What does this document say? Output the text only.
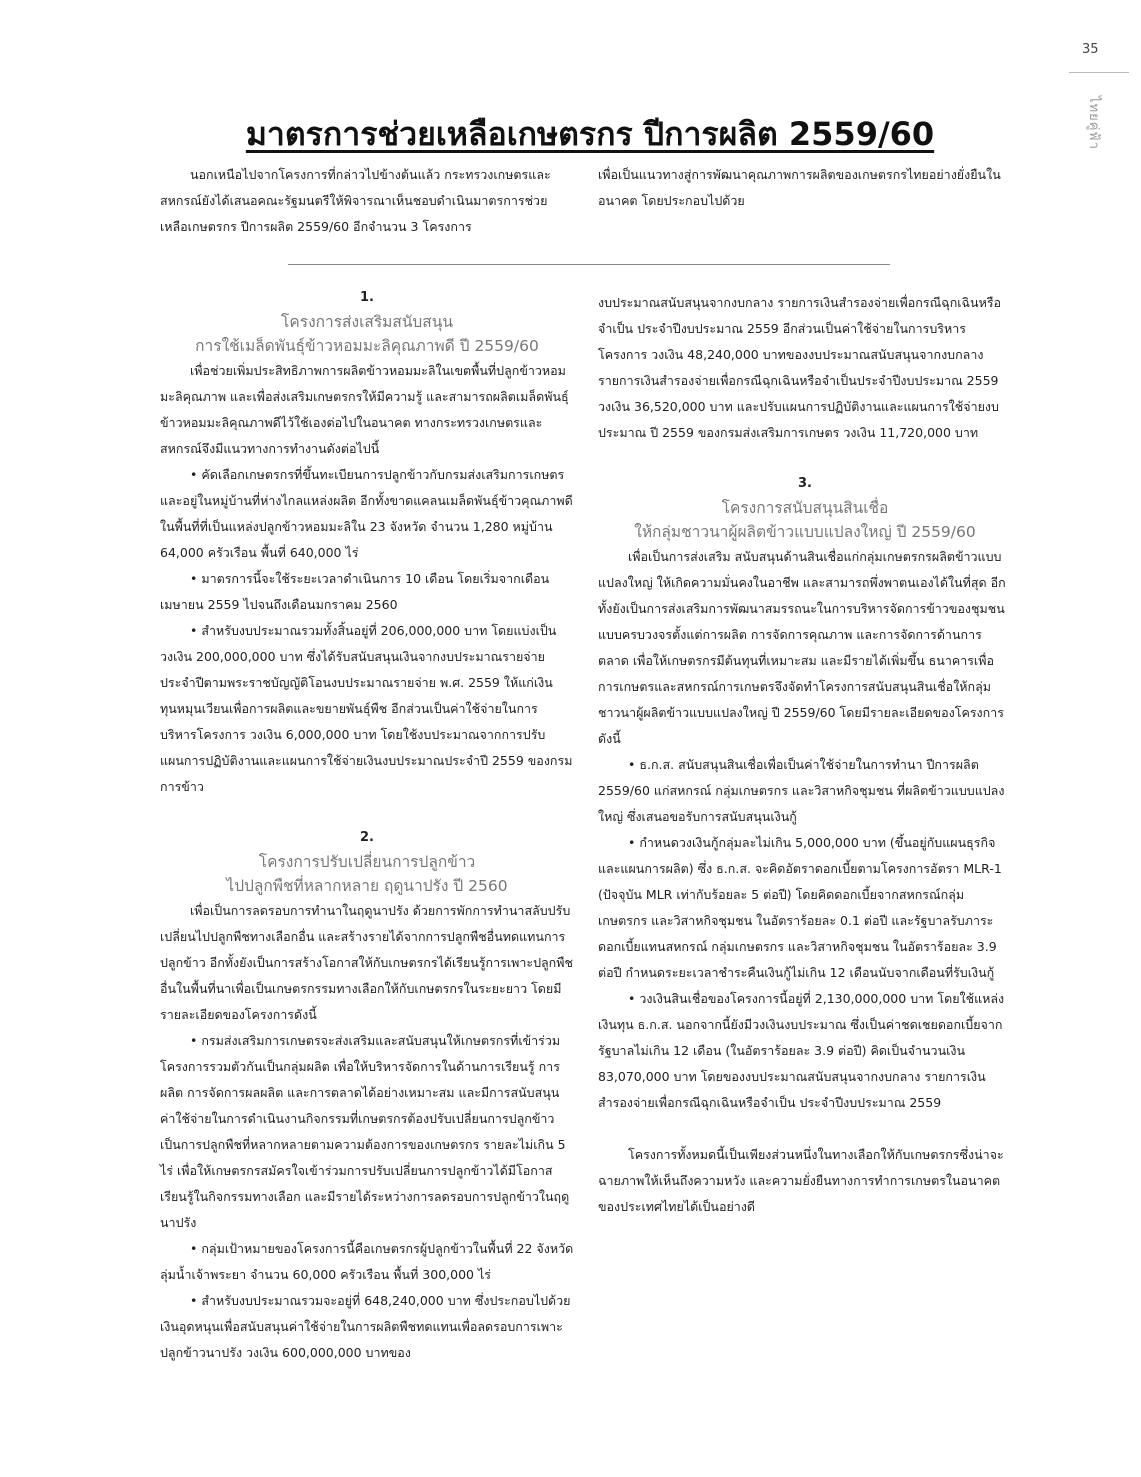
35
ไทยคู่ฟ้า
มาตรการช่วยเหลือเกษตรกร ปีการผลิต 2559/60

นอกเหนือไปจากโครงการที่กล่าวไปข้างต้นแล้ว กระทรวงเกษตรและสหกรณ์ยังได้เสนอคณะรัฐมนตรีให้พิจารณาเห็นชอบดำเนินมาตรการช่วยเหลือเกษตรกร ปีการผลิต 2559/60 อีกจำนวน 3 โครงการ

เพื่อเป็นแนวทางสู่การพัฒนาคุณภาพการผลิตของเกษตรกรไทยอย่างยั่งยืนในอนาคต โดยประกอบไปด้วย

1.
โครงการส่งเสริมสนับสนุน
การใช้เมล็ดพันธุ์ข้าวหอมมะลิคุณภาพดี ปี 2559/60

เพื่อช่วยเพิ่มประสิทธิภาพการผลิตข้าวหอมมะลิในเขตพื้นที่ปลูกข้าวหอมมะลิคุณภาพ และเพื่อส่งเสริมเกษตรกรให้มีความรู้ และสามารถผลิตเมล็ดพันธุ์ข้าวหอมมะลิคุณภาพดีไว้ใช้เองต่อไปในอนาคต ทางกระทรวงเกษตรและสหกรณ์จึงมีแนวทางการทำงานดังต่อไปนี้

• คัดเลือกเกษตรกรที่ขึ้นทะเบียนการปลูกข้าวกับกรมส่งเสริมการเกษตร และอยู่ในหมู่บ้านที่ห่างไกลแหล่งผลิต อีกทั้งขาดแคลนเมล็ดพันธุ์ข้าวคุณภาพดี ในพื้นที่ที่เป็นแหล่งปลูกข้าวหอมมะลิใน 23 จังหวัด จำนวน 1,280 หมู่บ้าน 64,000 ครัวเรือน พื้นที่ 640,000 ไร่

• มาตรการนี้จะใช้ระยะเวลาดำเนินการ 10 เดือน โดยเริ่มจากเดือนเมษายน 2559 ไปจนถึงเดือนมกราคม 2560

• สำหรับงบประมาณรวมทั้งสิ้นอยู่ที่ 206,000,000 บาท โดยแบ่งเป็นวงเงิน 200,000,000 บาท ซึ่งได้รับสนับสนุนเงินจากงบประมาณรายจ่ายประจำปีตามพระราชบัญญัติโอนงบประมาณรายจ่าย พ.ศ. 2559 ให้แก่เงินทุนหมุนเวียนเพื่อการผลิตและขยายพันธุ์พืช อีกส่วนเป็นค่าใช้จ่ายในการบริหารโครงการ วงเงิน 6,000,000 บาท โดยใช้งบประมาณจากการปรับแผนการปฏิบัติงานและแผนการใช้จ่ายเงินงบประมาณประจำปี 2559 ของกรมการข้าว

2.
โครงการปรับเปลี่ยนการปลูกข้าว
ไปปลูกพืชที่หลากหลาย ฤดูนาปรัง ปี 2560

เพื่อเป็นการลดรอบการทำนาในฤดูนาปรัง ด้วยการพักการทำนาสลับปรับเปลี่ยนไปปลูกพืชทางเลือกอื่น และสร้างรายได้จากการปลูกพืชอื่นทดแทนการปลูกข้าว อีกทั้งยังเป็นการสร้างโอกาสให้กับเกษตรกรได้เรียนรู้การเพาะปลูกพืชอื่นในพื้นที่นาเพื่อเป็นเกษตรกรรมทางเลือกให้กับเกษตรกรในระยะยาว โดยมีรายละเอียดของโครงการดังนี้

• กรมส่งเสริมการเกษตรจะส่งเสริมและสนับสนุนให้เกษตรกรที่เข้าร่วมโครงการรวมตัวกันเป็นกลุ่มผลิต เพื่อให้บริหารจัดการในด้านการเรียนรู้ การผลิต การจัดการผลผลิต และการตลาดได้อย่างเหมาะสม และมีการสนับสนุนค่าใช้จ่ายในการดำเนินงานกิจกรรมที่เกษตรกรต้องปรับเปลี่ยนการปลูกข้าวเป็นการปลูกพืชที่หลากหลายตามความต้องการของเกษตรกร รายละไม่เกิน 5 ไร่ เพื่อให้เกษตรกรสมัครใจเข้าร่วมการปรับเปลี่ยนการปลูกข้าวได้มีโอกาสเรียนรู้ในกิจกรรมทางเลือก และมีรายได้ระหว่างการลดรอบการปลูกข้าวในฤดูนาปรัง

• กลุ่มเป้าหมายของโครงการนี้คือเกษตรกรผู้ปลูกข้าวในพื้นที่ 22 จังหวัดลุ่มน้ำเจ้าพระยา จำนวน 60,000 ครัวเรือน พื้นที่ 300,000 ไร่

• สำหรับงบประมาณรวมจะอยู่ที่ 648,240,000 บาท ซึ่งประกอบไปด้วย เงินอุดหนุนเพื่อสนับสนุนค่าใช้จ่ายในการผลิตพืชทดแทนเพื่อลดรอบการเพาะปลูกข้าวนาปรัง วงเงิน 600,000,000 บาทของ

งบประมาณสนับสนุนจากงบกลาง รายการเงินสำรองจ่ายเพื่อกรณีฉุกเฉินหรือจำเป็น ประจำปีงบประมาณ 2559 อีกส่วนเป็นค่าใช้จ่ายในการบริหารโครงการ วงเงิน 48,240,000 บาทของงบประมาณสนับสนุนจากงบกลาง รายการเงินสำรองจ่ายเพื่อกรณีฉุกเฉินหรือจำเป็นประจำปีงบประมาณ 2559 วงเงิน 36,520,000 บาท และปรับแผนการปฏิบัติงานและแผนการใช้จ่ายงบประมาณ ปี 2559 ของกรมส่งเสริมการเกษตร วงเงิน 11,720,000 บาท

3.
โครงการสนับสนุนสินเชื่อ
ให้กลุ่มชาวนาผู้ผลิตข้าวแบบแปลงใหญ่ ปี 2559/60

เพื่อเป็นการส่งเสริม สนับสนุนด้านสินเชื่อแก่กลุ่มเกษตรกรผลิตข้าวแบบแปลงใหญ่ ให้เกิดความมั่นคงในอาชีพ และสามารถพึ่งพาตนเองได้ในที่สุด อีกทั้งยังเป็นการส่งเสริมการพัฒนาสมรรถนะในการบริหารจัดการข้าวของชุมชนแบบครบวงจรตั้งแต่การผลิต การจัดการคุณภาพ และการจัดการด้านการตลาด เพื่อให้เกษตรกรมีต้นทุนที่เหมาะสม และมีรายได้เพิ่มขึ้น ธนาคารเพื่อการเกษตรและสหกรณ์การเกษตรจึงจัดทำโครงการสนับสนุนสินเชื่อให้กลุ่มชาวนาผู้ผลิตข้าวแบบแปลงใหญ่ ปี 2559/60 โดยมีรายละเอียดของโครงการดังนี้

• ธ.ก.ส. สนับสนุนสินเชื่อเพื่อเป็นค่าใช้จ่ายในการทำนา ปีการผลิต 2559/60 แก่สหกรณ์ กลุ่มเกษตรกร และวิสาหกิจชุมชน ที่ผลิตข้าวแบบแปลงใหญ่ ซึ่งเสนอขอรับการสนับสนุนเงินกู้

• กำหนดวงเงินกู้กลุ่มละไม่เกิน 5,000,000 บาท (ขึ้นอยู่กับแผนธุรกิจและแผนการผลิต) ซึ่ง ธ.ก.ส. จะคิดอัตราดอกเบี้ยตามโครงการอัตรา MLR-1 (ปัจจุบัน MLR เท่ากับร้อยละ 5 ต่อปี) โดยคิดดอกเบี้ยจากสหกรณ์กลุ่มเกษตรกร และวิสาหกิจชุมชน ในอัตราร้อยละ 0.1 ต่อปี และรัฐบาลรับภาระดอกเบี้ยแทนสหกรณ์ กลุ่มเกษตรกร และวิสาหกิจชุมชน ในอัตราร้อยละ 3.9 ต่อปี กำหนดระยะเวลาชำระคืนเงินกู้ไม่เกิน 12 เดือนนับจากเดือนที่รับเงินกู้

• วงเงินสินเชื่อของโครงการนี้อยู่ที่ 2,130,000,000 บาท โดยใช้แหล่งเงินทุน ธ.ก.ส. นอกจากนี้ยังมีวงเงินงบประมาณ ซึ่งเป็นค่าชดเชยดอกเบี้ยจากรัฐบาลไม่เกิน 12 เดือน (ในอัตราร้อยละ 3.9 ต่อปี) คิดเป็นจำนวนเงิน 83,070,000 บาท โดยของงบประมาณสนับสนุนจากงบกลาง รายการเงินสำรองจ่ายเพื่อกรณีฉุกเฉินหรือจำเป็น ประจำปีงบประมาณ 2559

โครงการทั้งหมดนี้เป็นเพียงส่วนหนึ่งในทางเลือกให้กับเกษตรกรซึ่งน่าจะฉายภาพให้เห็นถึงความหวัง และความยั่งยืนทางการทำการเกษตรในอนาคตของประเทศไทยได้เป็นอย่างดี
